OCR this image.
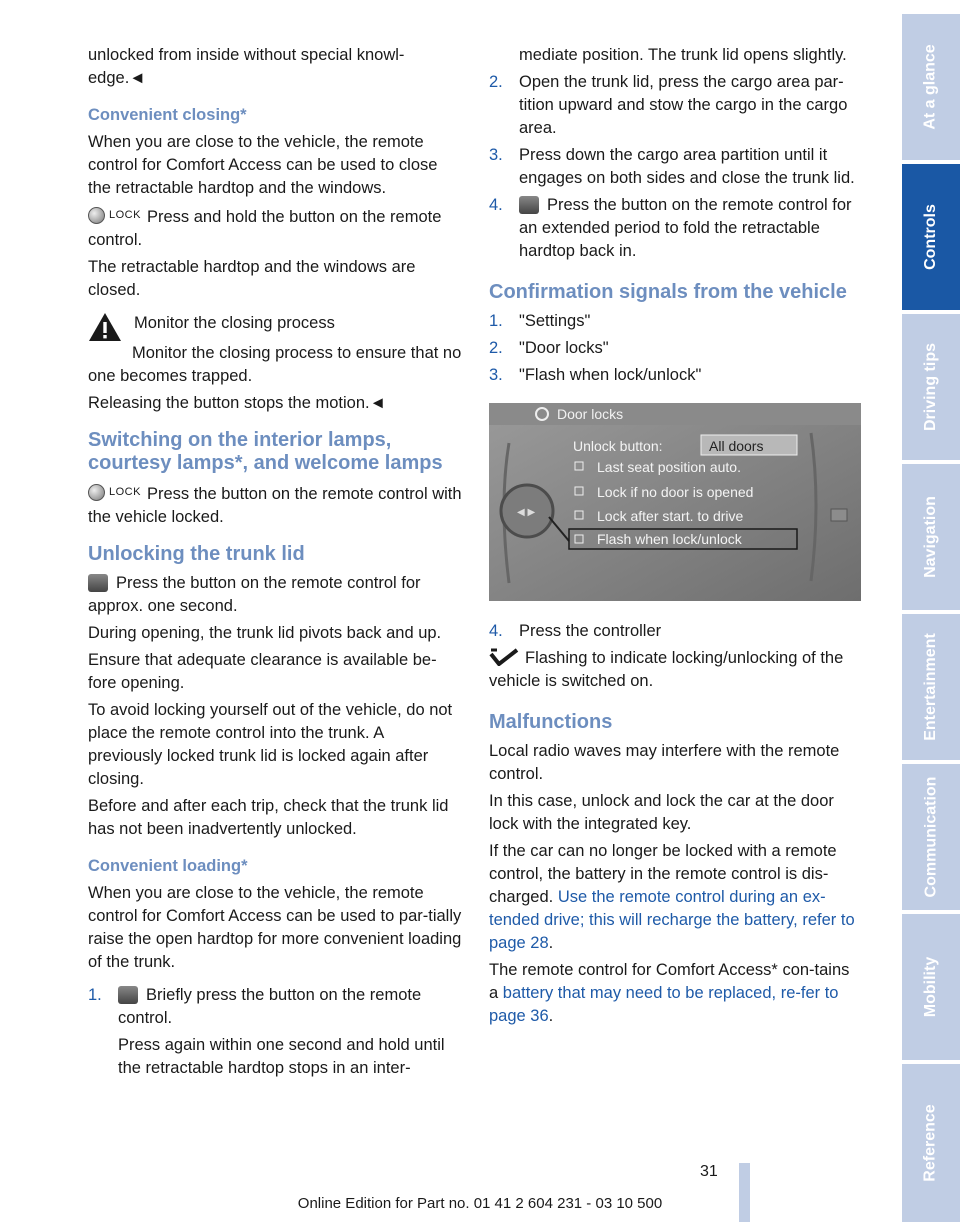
unlocked from inside without special knowl‐edge.◄

Convenient closing*

When you are close to the vehicle, the remote control for Comfort Access can be used to close the retractable hardtop and the windows.

LOCK Press and hold the button on the remote control.

The retractable hardtop and the windows are closed.

Monitor the closing process

Monitor the closing process to ensure that no one becomes trapped.

Releasing the button stops the motion.◄

Switching on the interior lamps, courtesy lamps*, and welcome lamps

LOCK Press the button on the remote control with the vehicle locked.

Unlocking the trunk lid

Press the button on the remote control for approx. one second.

During opening, the trunk lid pivots back and up.

Ensure that adequate clearance is available be‐fore opening.

To avoid locking yourself out of the vehicle, do not place the remote control into the trunk. A previously locked trunk lid is locked again after closing.

Before and after each trip, check that the trunk lid has not been inadvertently unlocked.

Convenient loading*

When you are close to the vehicle, the remote control for Comfort Access can be used to par‐tially raise the open hardtop for more convenient loading of the trunk.

1.	Briefly press the button on the remote control.

Press again within one second and hold until the retractable hardtop stops in an inter‐

mediate position. The trunk lid opens slightly.

2. Open the trunk lid, press the cargo area par‐tition upward and stow the cargo in the cargo area.

3. Press down the cargo area partition until it engages on both sides and close the trunk lid.

4.	Press the button on the remote control for an extended period to fold the retractable hardtop back in.

Confirmation signals from the vehicle
1. "Settings"

2. "Door locks"

3. "Flash when lock/unlock"

Door locks
◀ ▶
Unlock button:	All doors
Last seat position auto.
Lock if no door is opened
Lock after start. to drive
Flash when lock/unlock
4. Press the controller

Flashing to indicate locking/unlocking of the vehicle is switched on.

Malfunctions

Local radio waves may interfere with the remote control.

In this case, unlock and lock the car at the door lock with the integrated key.

If the car can no longer be locked with a remote control, the battery in the remote control is dis‐charged. Use the remote control during an ex‐tended drive; this will recharge the battery, refer to page 28.

The remote control for Comfort Access* con‐tains a battery that may need to be replaced, re‐fer to page 36.

At a glance
Controls
Driving tips
Navigation
Entertainment
Communication
Mobility
Reference
31
Online Edition for Part no. 01 41 2 604 231 - 03 10 500
